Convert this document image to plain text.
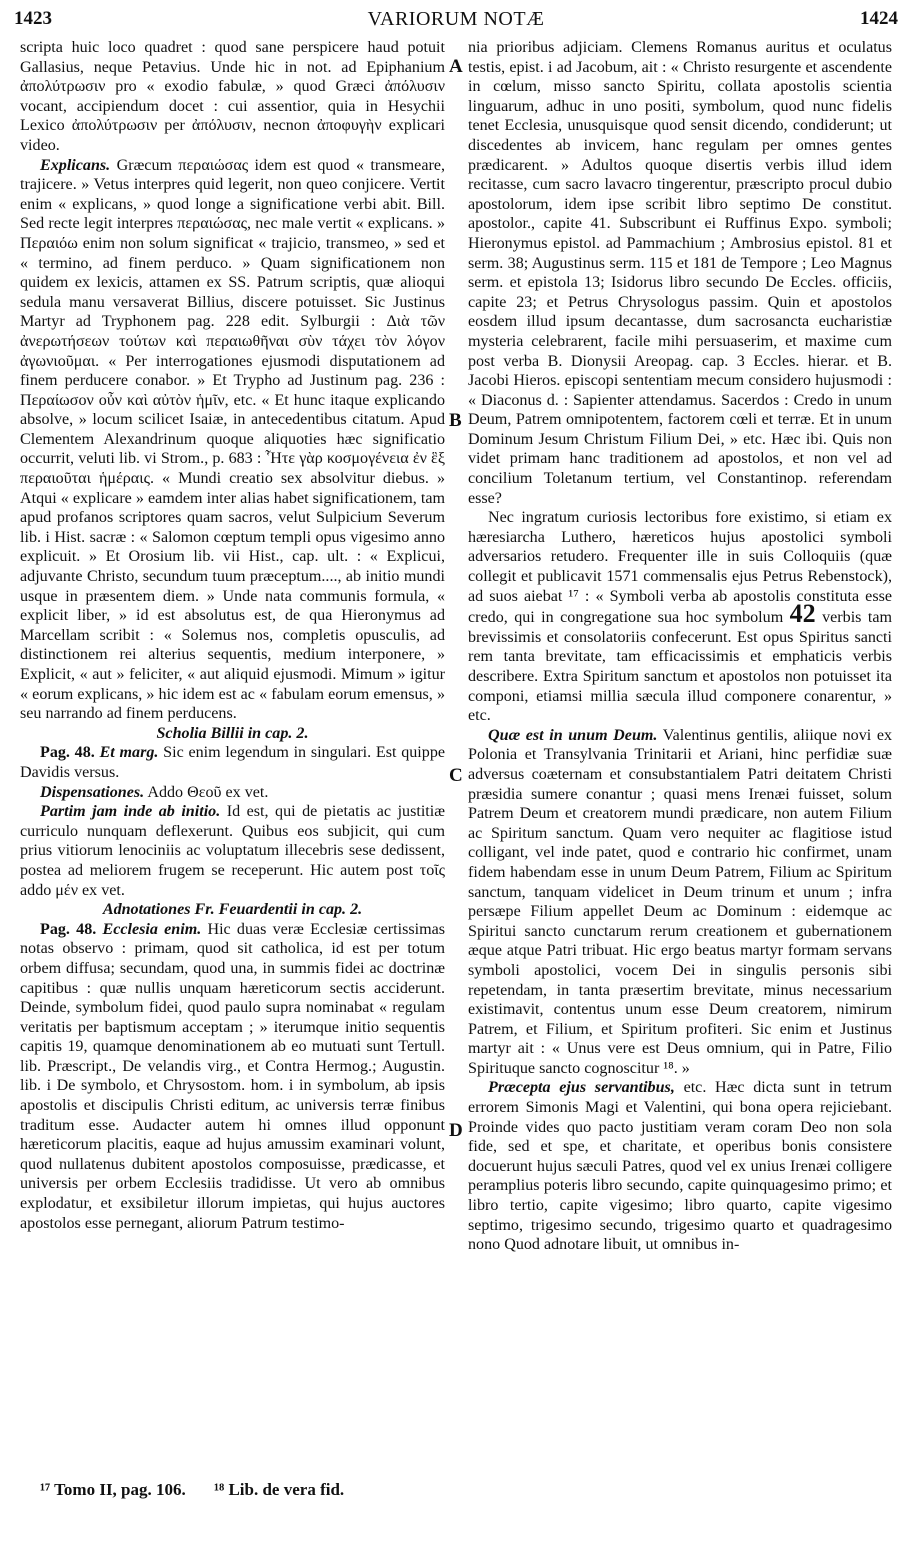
1423	VARIORUM NOTÆ	1424
A
B
C
D

scripta huic loco quadret : quod sane perspicere haud potuit Gallasius, neque Petavius. Unde hic in not. ad Epiphanium ἀπολύτρωσιν pro « exodio fabulæ, » quod Græci ἀπόλυσιν vocant, accipiendum docet : cui assentior, quia in Hesychii Lexico ἀπολύτρωσιν per ἀπόλυσιν, necnon ἀποφυγὴν explicari video.

Explicans. Græcum περαιώσας idem est quod « transmeare, trajicere. » Vetus interpres quid legerit, non queo conjicere. Vertit enim « explicans, » quod longe a significatione verbi abit. Bill. Sed recte legit interpres περαιώσας, nec male vertit « explicans. » Περαιόω enim non solum significat « trajicio, transmeo, » sed et « termino, ad finem perduco. » Quam significationem non quidem ex lexicis, attamen ex SS. Patrum scriptis, quæ alioqui sedula manu versaverat Billius, discere potuisset. Sic Justinus Martyr ad Tryphonem pag. 228 edit. Sylburgii : Διὰ τῶν ἀνερωτήσεων τούτων καὶ περαιωθῆναι σὺν τάχει τὸν λόγον ἀγωνιοῦμαι. « Per interrogationes ejusmodi disputationem ad finem perducere conabor. » Et Trypho ad Justinum pag. 236 : Περαίωσον οὖν καὶ αὐτὸν ἡμῖν, etc. « Et hunc itaque explicando absolve, » locum scilicet Isaiæ, in antecedentibus citatum. Apud Clementem Alexandrinum quoque aliquoties hæc significatio occurrit, veluti lib. vi Strom., p. 683 : Ἧτε γὰρ κοσμογένεια ἐν ἓξ περαιοῦται ἡμέραις. « Mundi creatio sex absolvitur diebus. » Atqui « explicare » eamdem inter alias habet significationem, tam apud profanos scriptores quam sacros, velut Sulpicium Severum lib. i Hist. sacræ : « Salomon cœptum templi opus vigesimo anno explicuit. » Et Orosium lib. vii Hist., cap. ult. : « Explicui, adjuvante Christo, secundum tuum præceptum...., ab initio mundi usque in præsentem diem. » Unde nata communis formula, « explicit liber, » id est absolutus est, de qua Hieronymus ad Marcellam scribit : « Solemus nos, completis opusculis, ad distinctionem rei alterius sequentis, medium interponere, » Explicit, « aut » feliciter, « aut aliquid ejusmodi. Mimum » igitur « eorum explicans, » hic idem est ac « fabulam eorum emensus, » seu narrando ad finem perducens.

Scholia Billii in cap. 2.

Pag. 48. Et marg. Sic enim legendum in singulari. Est quippe Davidis versus.

Dispensationes. Addo Θεοῦ ex vet.

Partim jam inde ab initio. Id est, qui de pietatis ac justitiæ curriculo nunquam deflexerunt. Quibus eos subjicit, qui cum prius vitiorum lenociniis ac voluptatum illecebris sese dedissent, postea ad meliorem frugem se receperunt. Hic autem post τοῖς addo μέν ex vet.

Adnotationes Fr. Feuardentii in cap. 2.

Pag. 48. Ecclesia enim. Hic duas veræ Ecclesiæ certissimas notas observo : primam, quod sit catholica, id est per totum orbem diffusa; secundam, quod una, in summis fidei ac doctrinæ capitibus : quæ nullis unquam hæreticorum sectis acciderunt. Deinde, symbolum fidei, quod paulo supra nominabat « regulam veritatis per baptismum acceptam ; » iterumque initio sequentis capitis 19, quamque denominationem ab eo mutuati sunt Tertull. lib. Præscript., De velandis virg., et Contra Hermog.; Augustin. lib. i De symbolo, et Chrysostom. hom. i in symbolum, ab ipsis apostolis et discipulis Christi editum, ac universis terræ finibus traditum esse. Audacter autem hi omnes illud opponunt hæreticorum placitis, eaque ad hujus amussim examinari volunt, quod nullatenus dubitent apostolos composuisse, prædicasse, et universis per orbem Ecclesiis tradidisse. Ut vero ab omnibus explodatur, et exsibiletur illorum impietas, qui hujus auctores apostolos esse pernegant, aliorum Patrum testimo-

nia prioribus adjiciam. Clemens Romanus auritus et oculatus testis, epist. i ad Jacobum, ait : « Christo resurgente et ascendente in cœlum, misso sancto Spiritu, collata apostolis scientia linguarum, adhuc in uno positi, symbolum, quod nunc fidelis tenet Ecclesia, unusquisque quod sensit dicendo, condiderunt; ut discedentes ab invicem, hanc regulam per omnes gentes prædicarent. » Adultos quoque disertis verbis illud idem recitasse, cum sacro lavacro tingerentur, præscripto procul dubio apostolorum, idem ipse scribit libro septimo De constitut. apostolor., capite 41. Subscribunt ei Ruffinus Expo. symboli; Hieronymus epistol. ad Pammachium ; Ambrosius epistol. 81 et serm. 38; Augustinus serm. 115 et 181 de Tempore ; Leo Magnus serm. et epistola 13; Isidorus libro secundo De Eccles. officiis, capite 23; et Petrus Chrysologus passim. Quin et apostolos eosdem illud ipsum decantasse, dum sacrosancta eucharistiæ mysteria celebrarent, facile mihi persuaserim, et maxime cum post verba B. Dionysii Areopag. cap. 3 Eccles. hierar. et B. Jacobi Hieros. episcopi sententiam mecum considero hujusmodi : « Diaconus d. : Sapienter attendamus. Sacerdos : Credo in unum Deum, Patrem omnipotentem, factorem cœli et terræ. Et in unum Dominum Jesum Christum Filium Dei, » etc. Hæc ibi. Quis non videt primam hanc traditionem ad apostolos, et non vel ad concilium Toletanum tertium, vel Constantinop. referendam esse?

Nec ingratum curiosis lectoribus fore existimo, si etiam ex hæresiarcha Luthero, hæreticos hujus apostolici symboli adversarios retudero. Frequenter ille in suis Colloquiis (quæ collegit et publicavit 1571 commensalis ejus Petrus Rebenstock), ad suos aiebat ¹⁷ : « Symboli verba ab apostolis constituta esse credo, qui in congregatione sua hoc symbolum 42 verbis tam brevissimis et consolatoriis confecerunt. Est opus Spiritus sancti rem tanta brevitate, tam efficacissimis et emphaticis verbis describere. Extra Spiritum sanctum et apostolos non potuisset ita componi, etiamsi millia sæcula illud componere conarentur, » etc.

Quæ est in unum Deum. Valentinus gentilis, aliique novi ex Polonia et Transylvania Trinitarii et Ariani, hinc perfidiæ suæ adversus coæternam et consubstantialem Patri deitatem Christi præsidia sumere conantur ; quasi mens Irenæi fuisset, solum Patrem Deum et creatorem mundi prædicare, non autem Filium ac Spiritum sanctum. Quam vero nequiter ac flagitiose istud colligant, vel inde patet, quod e contrario hic confirmet, unam fidem habendam esse in unum Deum Patrem, Filium ac Spiritum sanctum, tanquam videlicet in Deum trinum et unum ; infra persæpe Filium appellet Deum ac Dominum : eidemque ac Spiritui sancto cunctarum rerum creationem et gubernationem æque atque Patri tribuat. Hic ergo beatus martyr formam servans symboli apostolici, vocem Dei in singulis personis sibi repetendam, in tanta præsertim brevitate, minus necessarium existimavit, contentus unum esse Deum creatorem, nimirum Patrem, et Filium, et Spiritum profiteri. Sic enim et Justinus martyr ait : « Unus vere est Deus omnium, qui in Patre, Filio Spirituque sancto cognoscitur ¹⁸. »

Præcepta ejus servantibus, etc. Hæc dicta sunt in tetrum errorem Simonis Magi et Valentini, qui bona opera rejiciebant. Proinde vides quo pacto justitiam veram coram Deo non sola fide, sed et spe, et charitate, et operibus bonis consistere docuerunt hujus sæculi Patres, quod vel ex unius Irenæi colligere peramplius poteris libro secundo, capite quinquagesimo primo; et libro tertio, capite vigesimo; libro quarto, capite vigesimo septimo, trigesimo secundo, trigesimo quarto et quadragesimo nono Quod adnotare libuit, ut omnibus in-

¹⁷ Tomo II, pag. 106. ¹⁸ Lib. de vera fid.
